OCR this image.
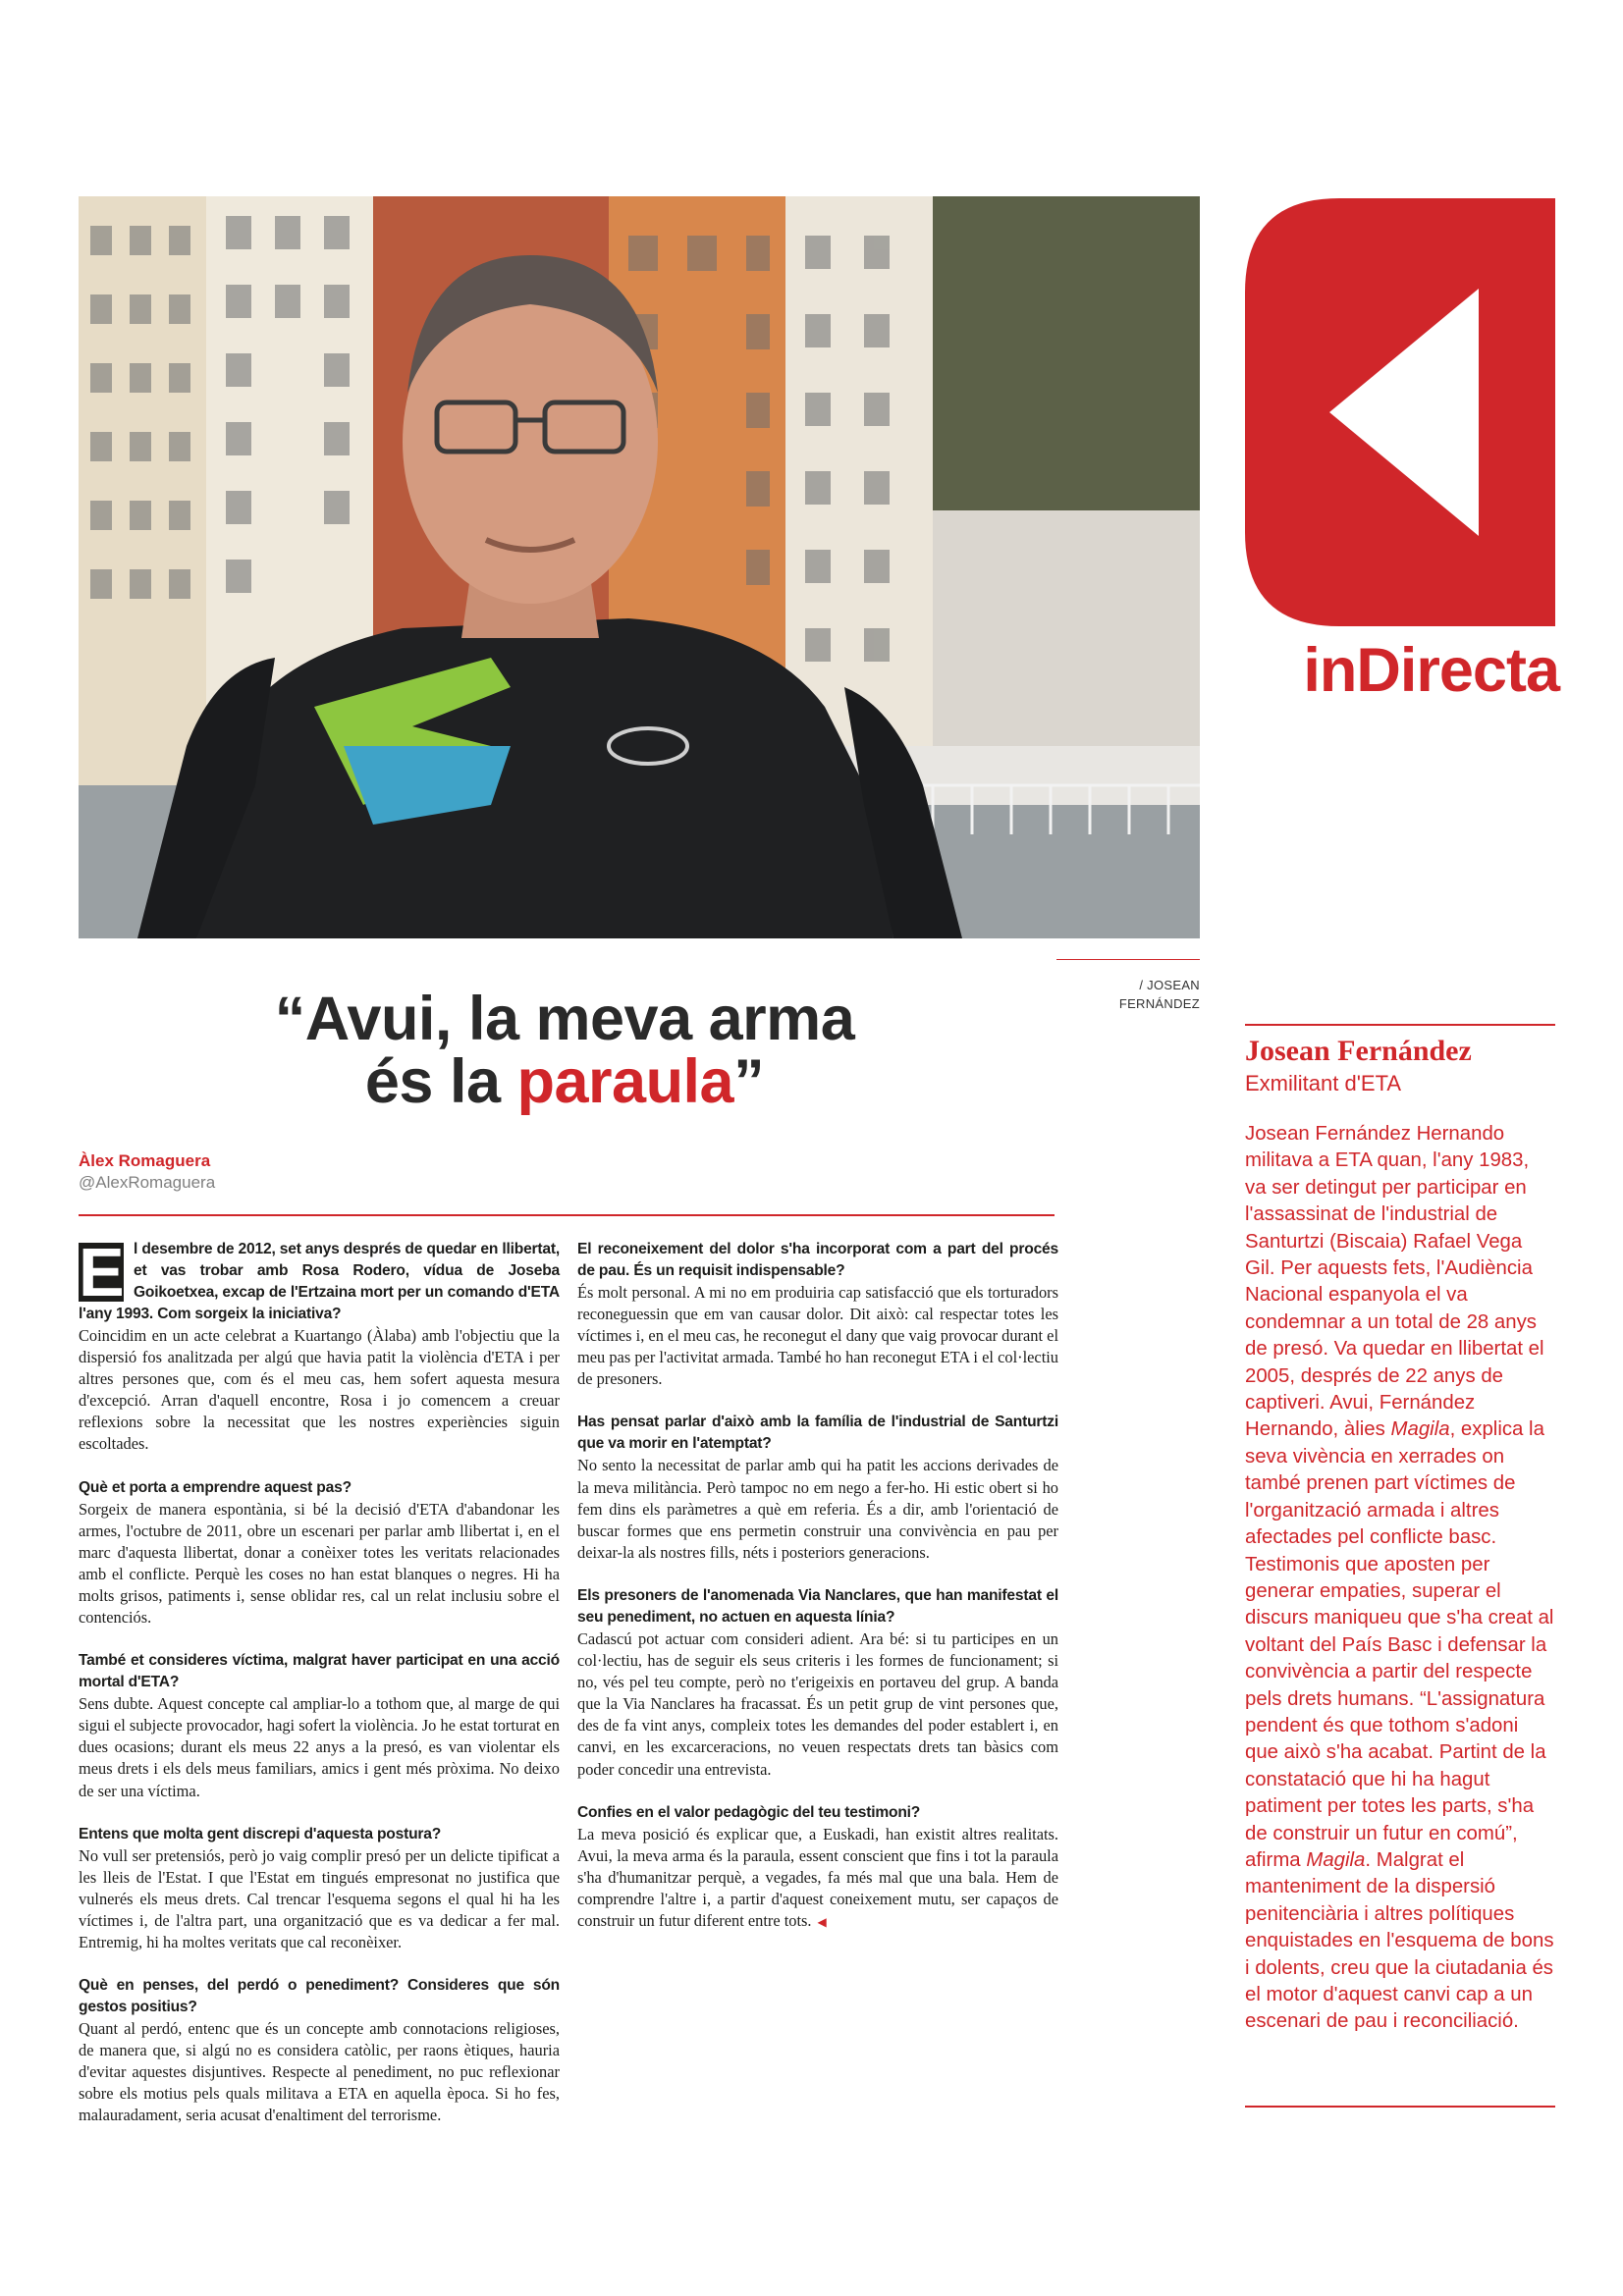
inDirecta
/ JOSEAN
FERNÁNDEZ
“Avui, la meva arma
és la paraula”
Àlex Romaguera
@AlexRomaguera

E l desembre de 2012, set anys després de quedar en llibertat, et vas trobar amb Rosa Rodero, vídua de Joseba Goikoetxea, excap de l'Ertzaina mort per un comando d'ETA l'any 1993. Com sorgeix la iniciativa?

Coincidim en un acte celebrat a Kuartango (Àlaba) amb l'objectiu que la dispersió fos analitzada per algú que havia patit la violència d'ETA i per altres persones que, com és el meu cas, hem sofert aquesta mesura d'excepció. Arran d'aquell encontre, Rosa i jo comencem a creuar reflexions sobre la necessitat que les nostres experiències siguin escoltades.

Què et porta a emprendre aquest pas?

Sorgeix de manera espontània, si bé la decisió d'ETA d'abandonar les armes, l'octubre de 2011, obre un escenari per parlar amb llibertat i, en el marc d'aquesta llibertat, donar a conèixer totes les veritats relacionades amb el conflicte. Perquè les coses no han estat blanques o negres. Hi ha molts grisos, patiments i, sense oblidar res, cal un relat inclusiu sobre el contenciós.

També et consideres víctima, malgrat haver participat en una acció mortal d'ETA?

Sens dubte. Aquest concepte cal ampliar-lo a tothom que, al marge de qui sigui el subjecte provocador, hagi sofert la violència. Jo he estat torturat en dues ocasions; durant els meus 22 anys a la presó, es van violentar els meus drets i els dels meus familiars, amics i gent més pròxima. No deixo de ser una víctima.

Entens que molta gent discrepi d'aquesta postura?

No vull ser pretensiós, però jo vaig complir presó per un delicte tipificat a les lleis de l'Estat. I que l'Estat em tingués empresonat no justifica que vulnerés els meus drets. Cal trencar l'esquema segons el qual hi ha les víctimes i, de l'altra part, una organització que es va dedicar a fer mal. Entremig, hi ha moltes veritats que cal reconèixer.

Què en penses, del perdó o penediment? Consideres que són gestos positius?

Quant al perdó, entenc que és un concepte amb connotacions religioses, de manera que, si algú no es considera catòlic, per raons ètiques, hauria d'evitar aquestes disjuntives. Respecte al penediment, no puc reflexionar sobre els motius pels quals militava a ETA en aquella època. Si ho fes, malauradament, seria acusat d'enaltiment del terrorisme.

El reconeixement del dolor s'ha incorporat com a part del procés de pau. És un requisit indispensable?

És molt personal. A mi no em produiria cap satisfacció que els torturadors reconeguessin que em van causar dolor. Dit això: cal respectar totes les víctimes i, en el meu cas, he reconegut el dany que vaig provocar durant el meu pas per l'activitat armada. També ho han reconegut ETA i el col·lectiu de presoners.

Has pensat parlar d'això amb la família de l'industrial de Santurtzi que va morir en l'atemptat?

No sento la necessitat de parlar amb qui ha patit les accions derivades de la meva militància. Però tampoc no em nego a fer-ho. Hi estic obert si ho fem dins els paràmetres a què em referia. És a dir, amb l'orientació de buscar formes que ens permetin construir una convivència en pau per deixar-la als nostres fills, néts i posteriors generacions.

Els presoners de l'anomenada Via Nanclares, que han manifestat el seu penediment, no actuen en aquesta línia?

Cadascú pot actuar com consideri adient. Ara bé: si tu participes en un col·lectiu, has de seguir els seus criteris i les formes de funcionament; si no, vés pel teu compte, però no t'erigeixis en portaveu del grup. A banda que la Via Nanclares ha fracassat. És un petit grup de vint persones que, des de fa vint anys, compleix totes les demandes del poder establert i, en canvi, en les excarceracions, no veuen respectats drets tan bàsics com poder concedir una entrevista.

Confies en el valor pedagògic del teu testimoni?

La meva posició és explicar que, a Euskadi, han existit altres realitats. Avui, la meva arma és la paraula, essent conscient que fins i tot la paraula s'ha d'humanitzar perquè, a vegades, fa més mal que una bala. Hem de comprendre l'altre i, a partir d'aquest coneixement mutu, ser capaços de construir un futur diferent entre tots. ◀

Josean Fernández
Exmilitant d'ETA

Josean Fernández Hernando militava a ETA quan, l'any 1983, va ser detingut per participar en l'assassinat de l'industrial de Santurtzi (Biscaia) Rafael Vega Gil. Per aquests fets, l'Audiència Nacional espanyola el va condemnar a un total de 28 anys de presó. Va quedar en llibertat el 2005, després de 22 anys de captiveri. Avui, Fernández Hernando, àlies Magila, explica la seva vivència en xerrades on també prenen part víctimes de l'organització armada i altres afectades pel conflicte basc. Testimonis que aposten per generar empaties, superar el discurs maniqueu que s'ha creat al voltant del País Basc i defensar la convivència a partir del respecte pels drets humans. “L'assignatura pendent és que tothom s'adoni que això s'ha acabat. Partint de la constatació que hi ha hagut patiment per totes les parts, s'ha de construir un futur en comú”, afirma Magila. Malgrat el manteniment de la dispersió penitenciària i altres polítiques enquistades en l'esquema de bons i dolents, creu que la ciutadania és el motor d'aquest canvi cap a un escenari de pau i reconciliació.
